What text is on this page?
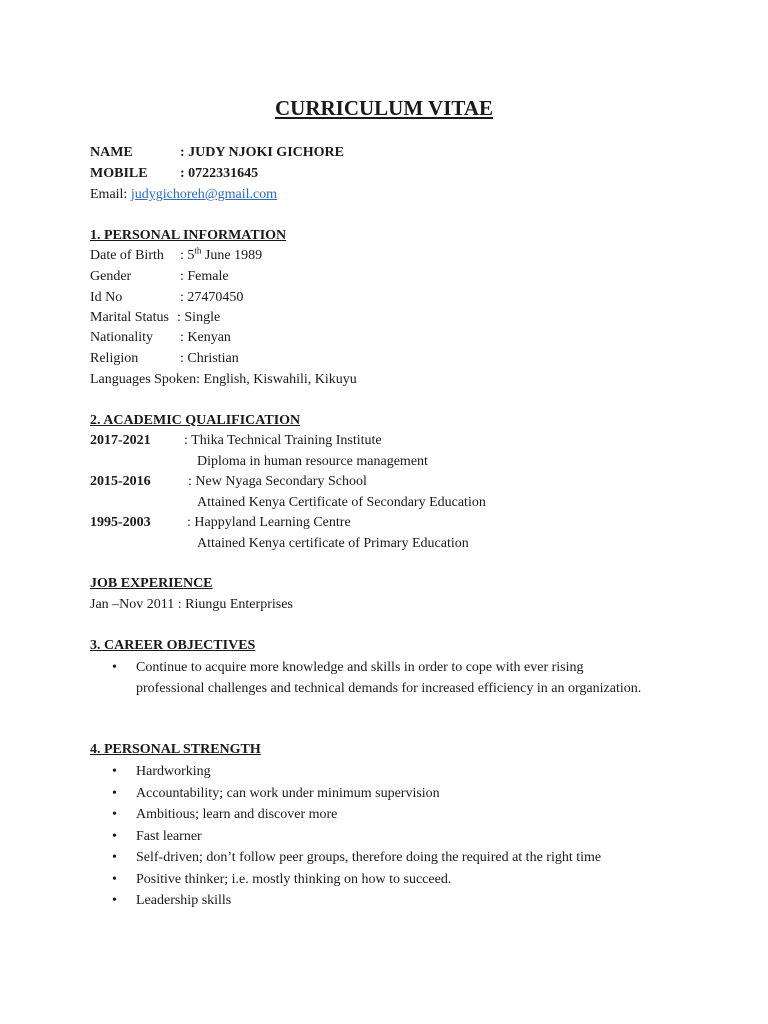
CURRICULUM VITAE
NAME	: JUDY NJOKI GICHORE
MOBILE : 0722331645
Email: judygichoreh@gmail.com
1. PERSONAL INFORMATION
Date of Birth : 5th June 1989
Gender	: Female
Id No	: 27470450
Marital Status : Single
Nationality : Kenyan
Religion	: Christian
Languages Spoken: English, Kiswahili, Kikuyu
2. ACADEMIC QUALIFICATION
2017-2021 : Thika Technical Training Institute
Diploma in human resource management
2015-2016	: New Nyaga Secondary School
Attained Kenya Certificate of Secondary Education
1995-2003	: Happyland Learning Centre
Attained Kenya certificate of Primary Education
JOB EXPERIENCE
Jan –Nov 2011 : Riungu Enterprises
3. CAREER OBJECTIVES
• Continue to acquire more knowledge and skills in order to cope with ever rising professional challenges and technical demands for increased efficiency in an organization.
4. PERSONAL STRENGTH
• Hardworking
• Accountability; can work under minimum supervision
• Ambitious; learn and discover more
• Fast learner
• Self-driven; don’t follow peer groups, therefore doing the required at the right time
• Positive thinker; i.e. mostly thinking on how to succeed.
• Leadership skills
